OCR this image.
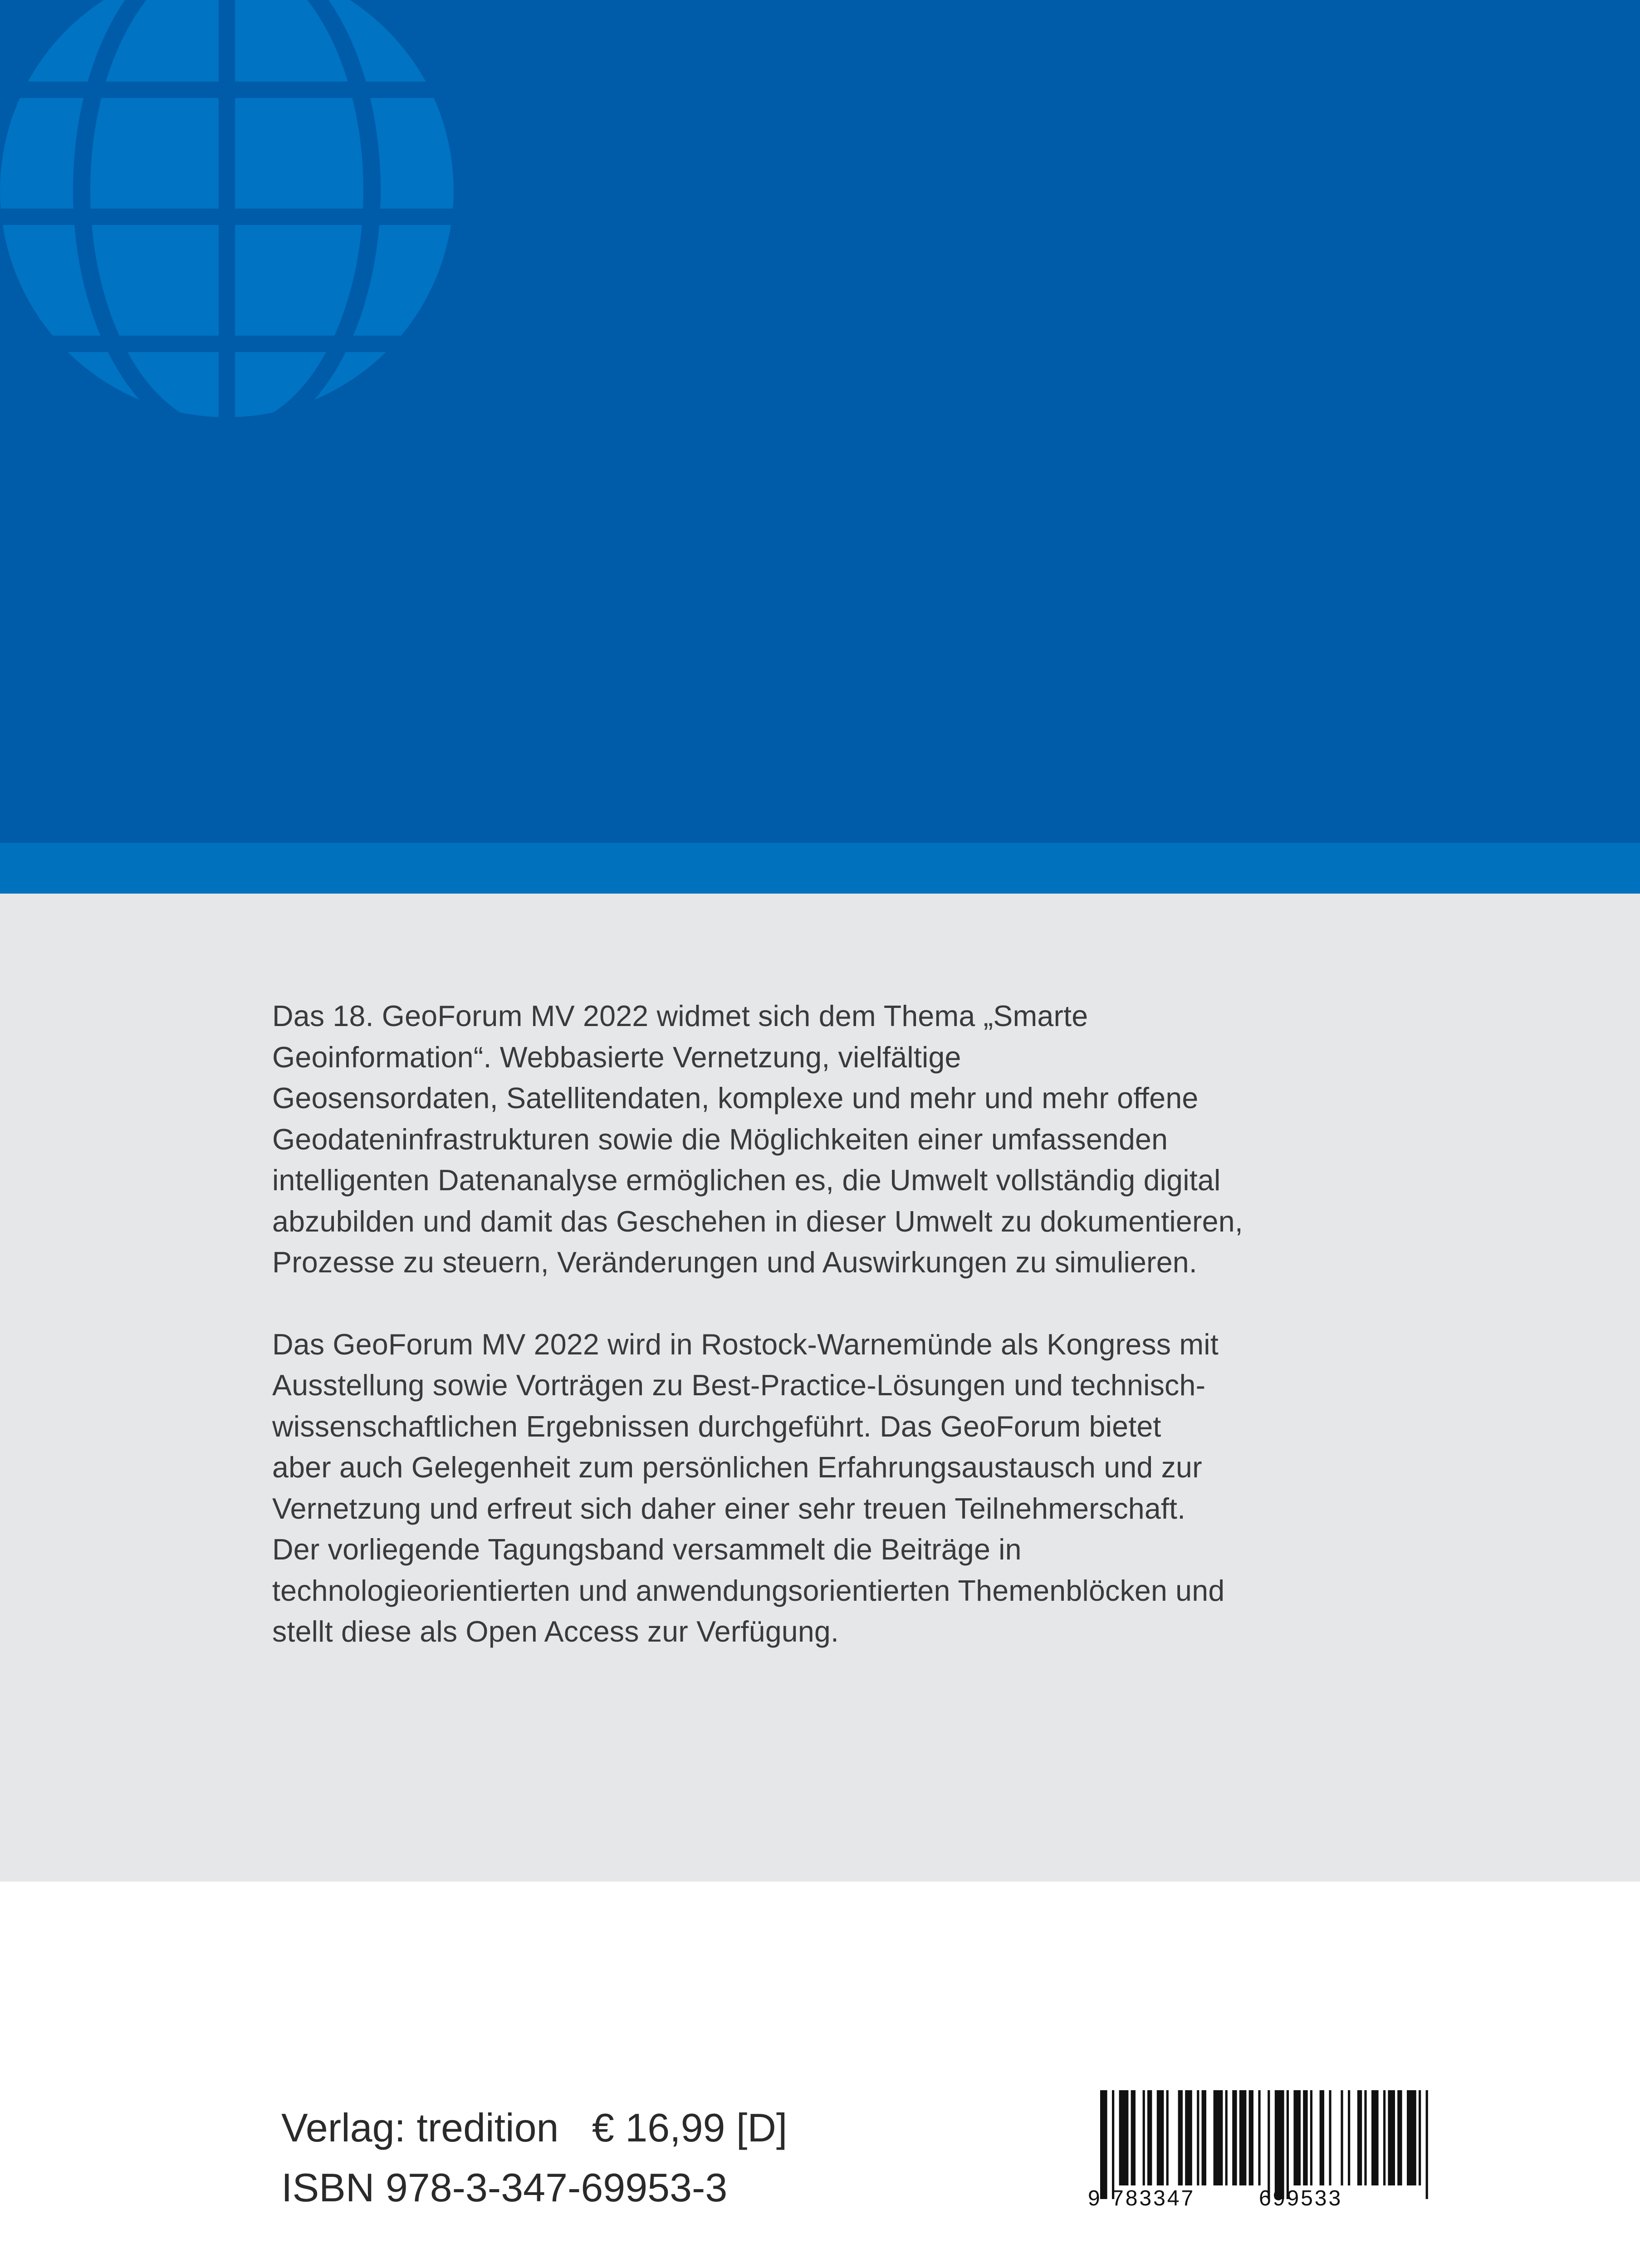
Das 18. GeoForum MV 2022 widmet sich dem Thema „Smarte
Geoinformation“. Webbasierte Vernetzung, vielfältige
Geosensordaten, Satellitendaten, komplexe und mehr und mehr offene
Geodateninfrastrukturen sowie die Möglichkeiten einer umfassenden
intelligenten Datenanalyse ermöglichen es, die Umwelt vollständig digital
abzubilden und damit das Geschehen in dieser Umwelt zu dokumentieren,
Prozesse zu steuern, Veränderungen und Auswirkungen zu simulieren.

Das GeoForum MV 2022 wird in Rostock-Warnemünde als Kongress mit
Ausstellung sowie Vorträgen zu Best-Practice-Lösungen und technisch-
wissenschaftlichen Ergebnissen durchgeführt. Das GeoForum bietet
aber auch Gelegenheit zum persönlichen Erfahrungsaustausch und zur
Vernetzung und erfreut sich daher einer sehr treuen Teilnehmerschaft.
Der vorliegende Tagungsband versammelt die Beiträge in
technologieorientierten und anwendungsorientierten Themenblöcken und
stellt diese als Open Access zur Verfügung.

Verlag: tredition € 16,99 [D]
ISBN 978-3-347-69953-3	9 783347	699533
